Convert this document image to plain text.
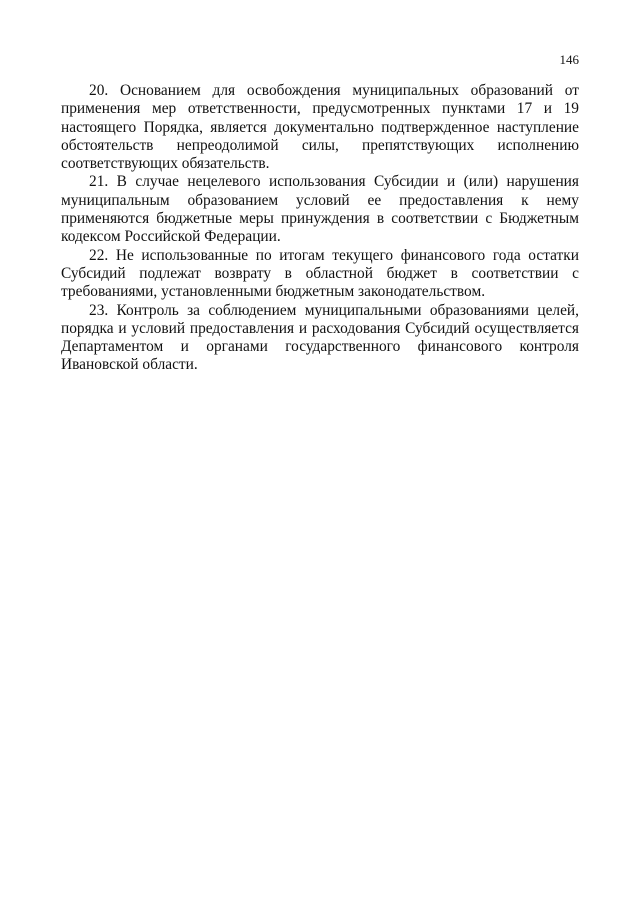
146

20. Основанием для освобождения муниципальных образований от применения мер ответственности, предусмотренных пунктами 17 и 19 настоящего Порядка, является документально подтвержденное наступление обстоятельств непреодолимой силы, препятствующих исполнению соответствующих обязательств.

21. В случае нецелевого использования Субсидии и (или) нарушения муниципальным образованием условий ее предоставления к нему применяются бюджетные меры принуждения в соответствии с Бюджетным кодексом Российской Федерации.

22. Не использованные по итогам текущего финансового года остатки Субсидий подлежат возврату в областной бюджет в соответствии с требованиями, установленными бюджетным законодательством.

23. Контроль за соблюдением муниципальными образованиями целей, порядка и условий предоставления и расходования Субсидий осуществляется Департаментом и органами государственного финансового контроля Ивановской области.
